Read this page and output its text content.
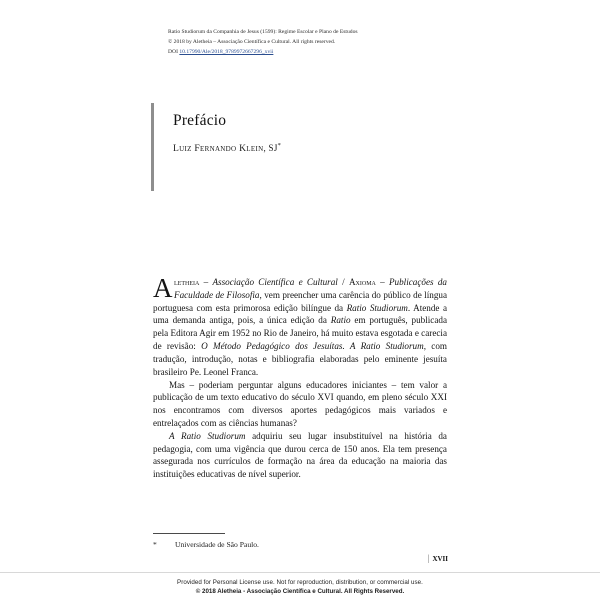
Ratio Studiorum da Companhia de Jesus (1599): Regime Escolar e Plano de Estudos
© 2018 by Aletheia – Associação Científica e Cultural. All rights reserved.
DOI 10.17990/Ale/2018_9789972667296_xvii
Prefácio
Luiz Fernando Klein, SJ*

Aletheia – Associação Científica e Cultural / Axioma – Publicações da Faculdade de Filosofia, vem preencher uma carência do público de língua portuguesa com esta primorosa edição bilíngue da Ratio Studiorum. Atende a uma demanda antiga, pois, a única edição da Ratio em português, publicada pela Editora Agir em 1952 no Rio de Janeiro, há muito estava esgotada e carecia de revisão: O Método Pedagógico dos Jesuítas. A Ratio Studiorum, com tradução, introdução, notas e bibliografia elaboradas pelo eminente jesuíta brasileiro Pe. Leonel Franca.

Mas – poderiam perguntar alguns educadores iniciantes – tem valor a publicação de um texto educativo do século XVI quando, em pleno século XXI nos encontramos com diversos aportes pedagógicos mais variados e entrelaçados com as ciências humanas?

A Ratio Studiorum adquiriu seu lugar insubstituível na história da pedagogia, com uma vigência que durou cerca de 150 anos. Ela tem presença assegurada nos currículos de formação na área da educação na maioria das instituições educativas de nível superior.

* Universidade de São Paulo.
| xvii
Provided for Personal License use. Not for reproduction, distribution, or commercial use.
© 2018 Aletheia - Associação Científica e Cultural. All Rights Reserved.
